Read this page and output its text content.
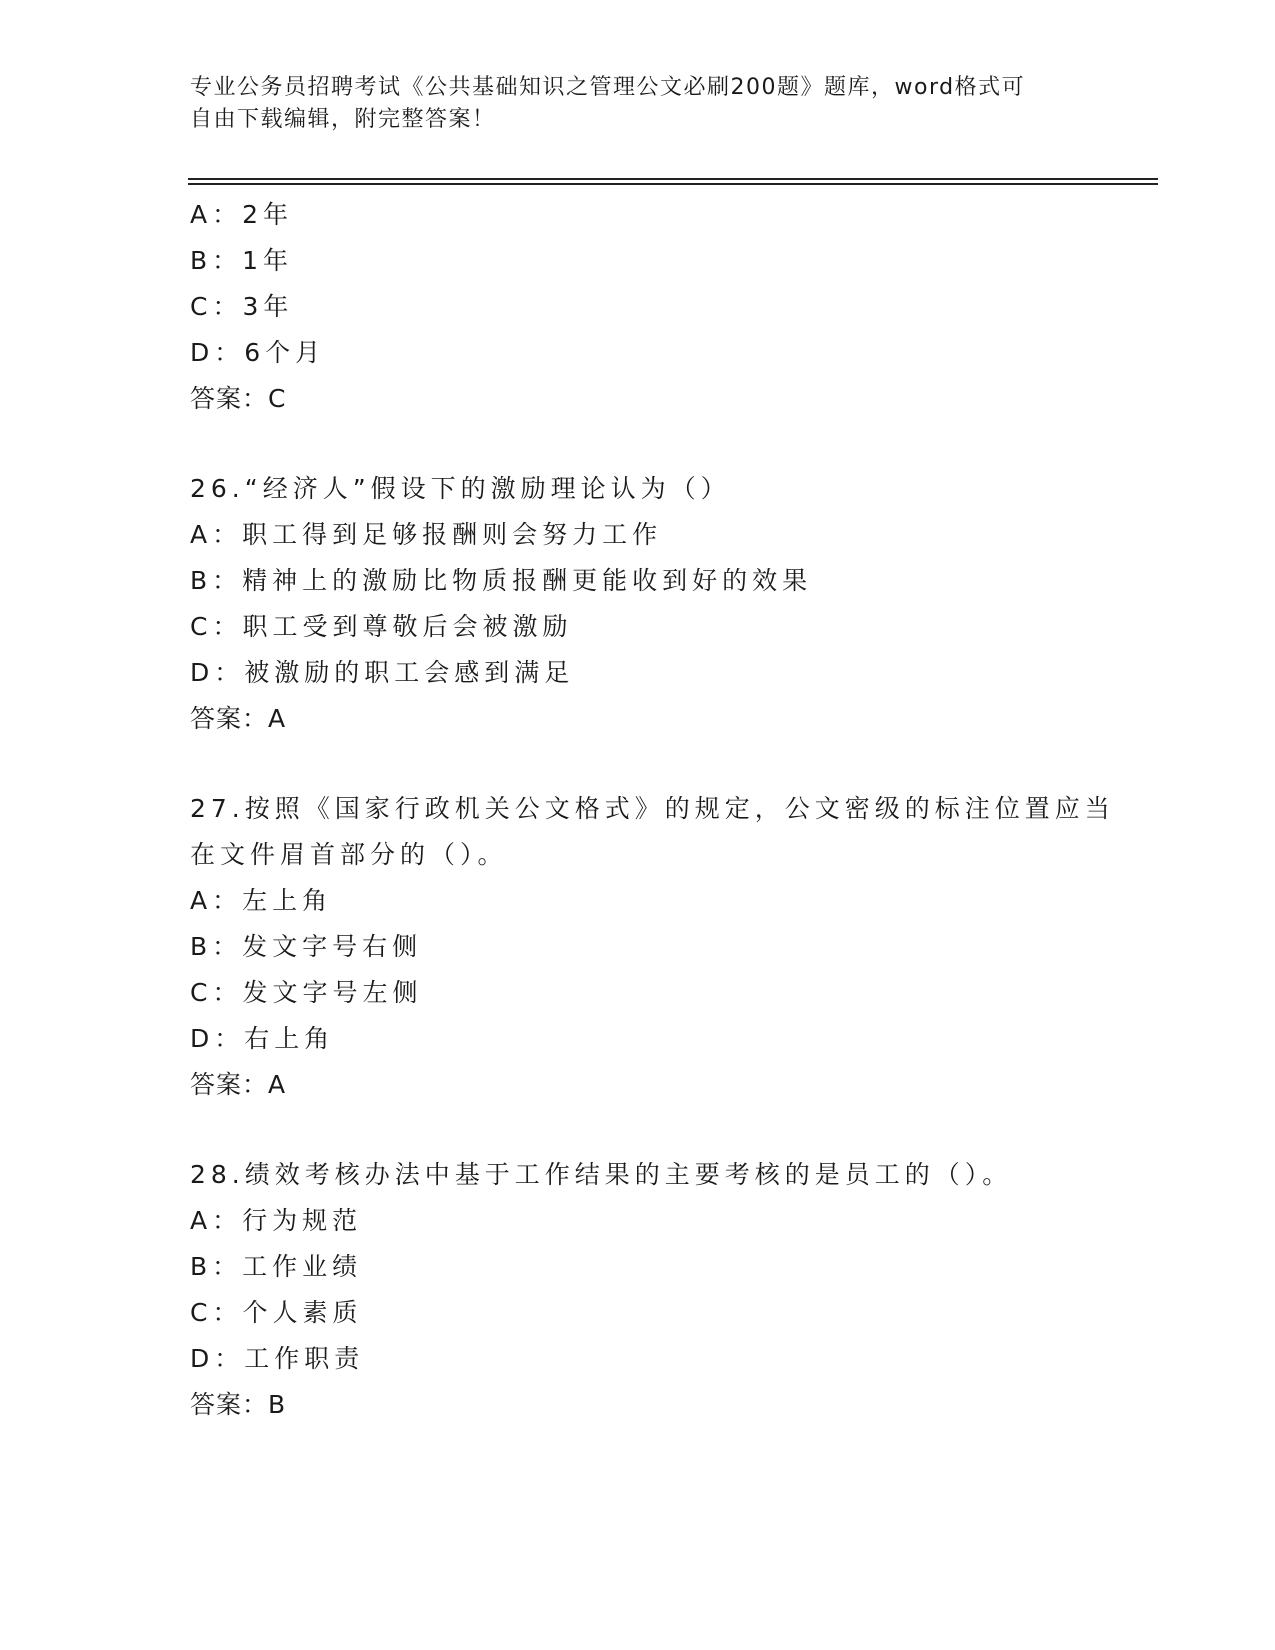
专业公务员招聘考试《公共基础知识之管理公文必刷200题》题库，word格式可
自由下载编辑，附完整答案！
A：2年
B：1年
C：3年
D：6个月
答案：C
26.“经济人”假设下的激励理论认为（）
A：职工得到足够报酬则会努力工作
B：精神上的激励比物质报酬更能收到好的效果
C：职工受到尊敬后会被激励
D：被激励的职工会感到满足
答案：A
27.按照《国家行政机关公文格式》的规定，公文密级的标注位置应当
在文件眉首部分的（）。
A：左上角
B：发文字号右侧
C：发文字号左侧
D：右上角
答案：A
28.绩效考核办法中基于工作结果的主要考核的是员工的（）。
A：行为规范
B：工作业绩
C：个人素质
D：工作职责
答案：B
